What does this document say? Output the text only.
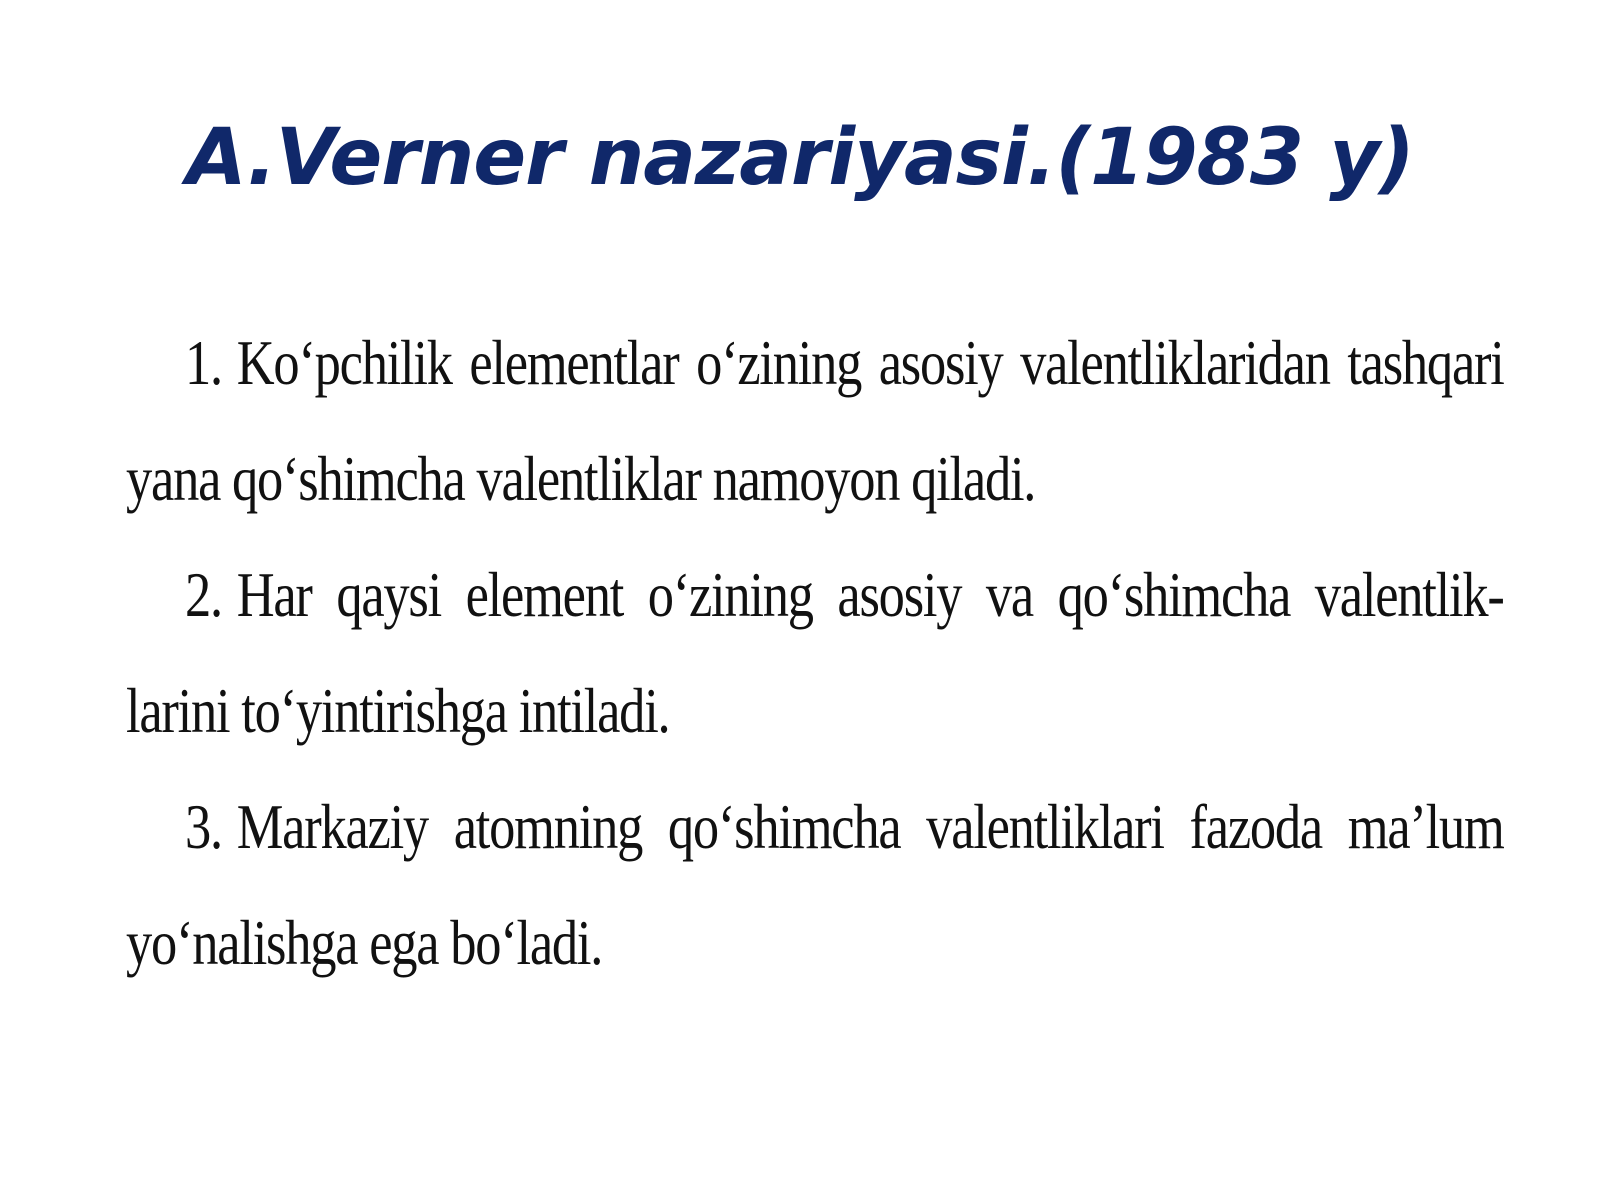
A.Verner nazariyasi.(1983 y)

1. Ko‘pchilik elementlar o‘zining asosiy valentliklaridan tashqari yana qo‘shimcha valentliklar namoyon qiladi.

2. Har qaysi element o‘zining asosiy va qo‘shimcha valentlik-larini to‘yintirishga intiladi.

3. Markaziy atomning qo‘shimcha valentliklari fazoda ma’lum yo‘nalishga ega bo‘ladi.
